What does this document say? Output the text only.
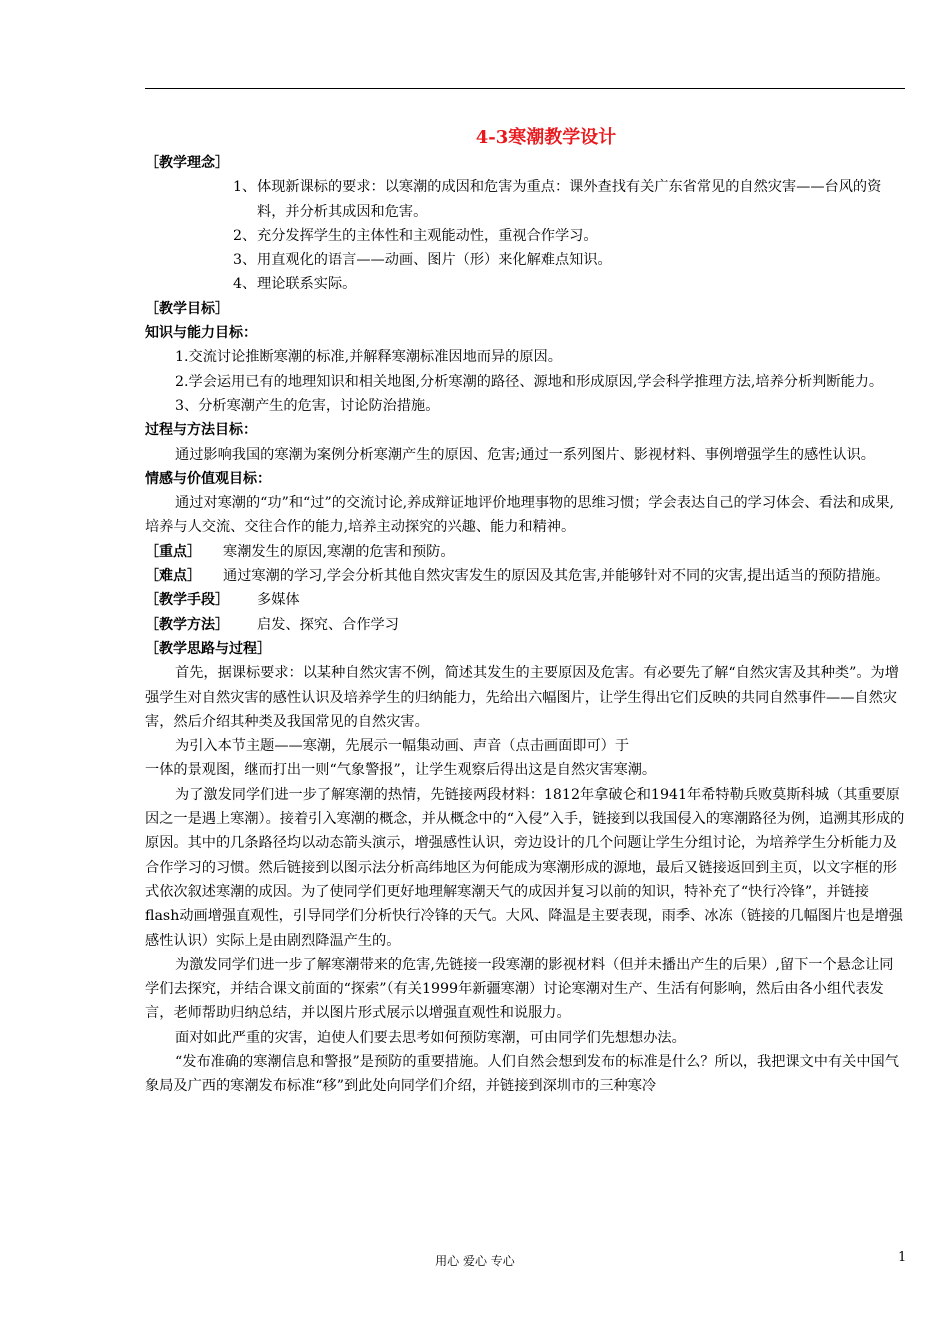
4-3寒潮教学设计
［教学理念］
1、 体现新课标的要求：以寒潮的成因和危害为重点：课外查找有关广东省常见的自然灾害——台风的资料，并分析其成因和危害。
2、 充分发挥学生的主体性和主观能动性，重视合作学习。
3、 用直观化的语言——动画、图片（形）来化解难点知识。
4、 理论联系实际。
［教学目标］
知识与能力目标：
1.交流讨论推断寒潮的标准,并解释寒潮标准因地而异的原因。
2.学会运用已有的地理知识和相关地图,分析寒潮的路径、源地和形成原因,学会科学推理方法,培养分析判断能力。
3、分析寒潮产生的危害，讨论防治措施。
过程与方法目标：
通过影响我国的寒潮为案例分析寒潮产生的原因、危害;通过一系列图片、影视材料、事例增强学生的感性认识。
情感与价值观目标：
通过对寒潮的“功”和“过”的交流讨论,养成辩证地评价地理事物的思维习惯；学会表达自己的学习体会、看法和成果,培养与人交流、交往合作的能力,培养主动探究的兴趣、能力和精神。
［重点］ 寒潮发生的原因,寒潮的危害和预防。
［难点］ 通过寒潮的学习,学会分析其他自然灾害发生的原因及其危害,并能够针对不同的灾害,提出适当的预防措施。
［教学手段］ 多媒体
［教学方法］ 启发、探究、合作学习
［教学思路与过程］
首先，据课标要求：以某种自然灾害不例，简述其发生的主要原因及危害。有必要先了解“自然灾害及其种类”。为增强学生对自然灾害的感性认识及培养学生的归纳能力，先给出六幅图片，让学生得出它们反映的共同自然事件——自然灾害，然后介绍其种类及我国常见的自然灾害。
为引入本节主题——寒潮，先展示一幅集动画、声音（点击画面即可）于
一体的景观图，继而打出一则“气象警报”，让学生观察后得出这是自然灾害寒潮。
为了激发同学们进一步了解寒潮的热情，先链接两段材料：1812年拿破仑和1941年希特勒兵败莫斯科城（其重要原因之一是遇上寒潮）。接着引入寒潮的概念，并从概念中的“入侵”入手，链接到以我国侵入的寒潮路径为例，追溯其形成的原因。其中的几条路径均以动态箭头演示，增强感性认识，旁边设计的几个问题让学生分组讨论，为培养学生分析能力及合作学习的习惯。然后链接到以图示法分析高纬地区为何能成为寒潮形成的源地，最后又链接返回到主页，以文字框的形式依次叙述寒潮的成因。为了使同学们更好地理解寒潮天气的成因并复习以前的知识，特补充了“快行冷锋”，并链接 flash动画增强直观性，引导同学们分析快行冷锋的天气。大风、降温是主要表现，雨季、冰冻（链接的几幅图片也是增强感性认识）实际上是由剧烈降温产生的。
为激发同学们进一步了解寒潮带来的危害,先链接一段寒潮的影视材料（但并未播出产生的后果）,留下一个悬念让同学们去探究，并结合课文前面的“探索”（有关1999年新疆寒潮）讨论寒潮对生产、生活有何影响，然后由各小组代表发言，老师帮助归纳总结，并以图片形式展示以增强直观性和说服力。
面对如此严重的灾害，迫使人们要去思考如何预防寒潮，可由同学们先想想办法。
“发布准确的寒潮信息和警报”是预防的重要措施。人们自然会想到发布的标准是什么？所以，我把课文中有关中国气象局及广西的寒潮发布标准“移”到此处向同学们介绍，并链接到深圳市的三种寒冷
用心 爱心 专心	1
